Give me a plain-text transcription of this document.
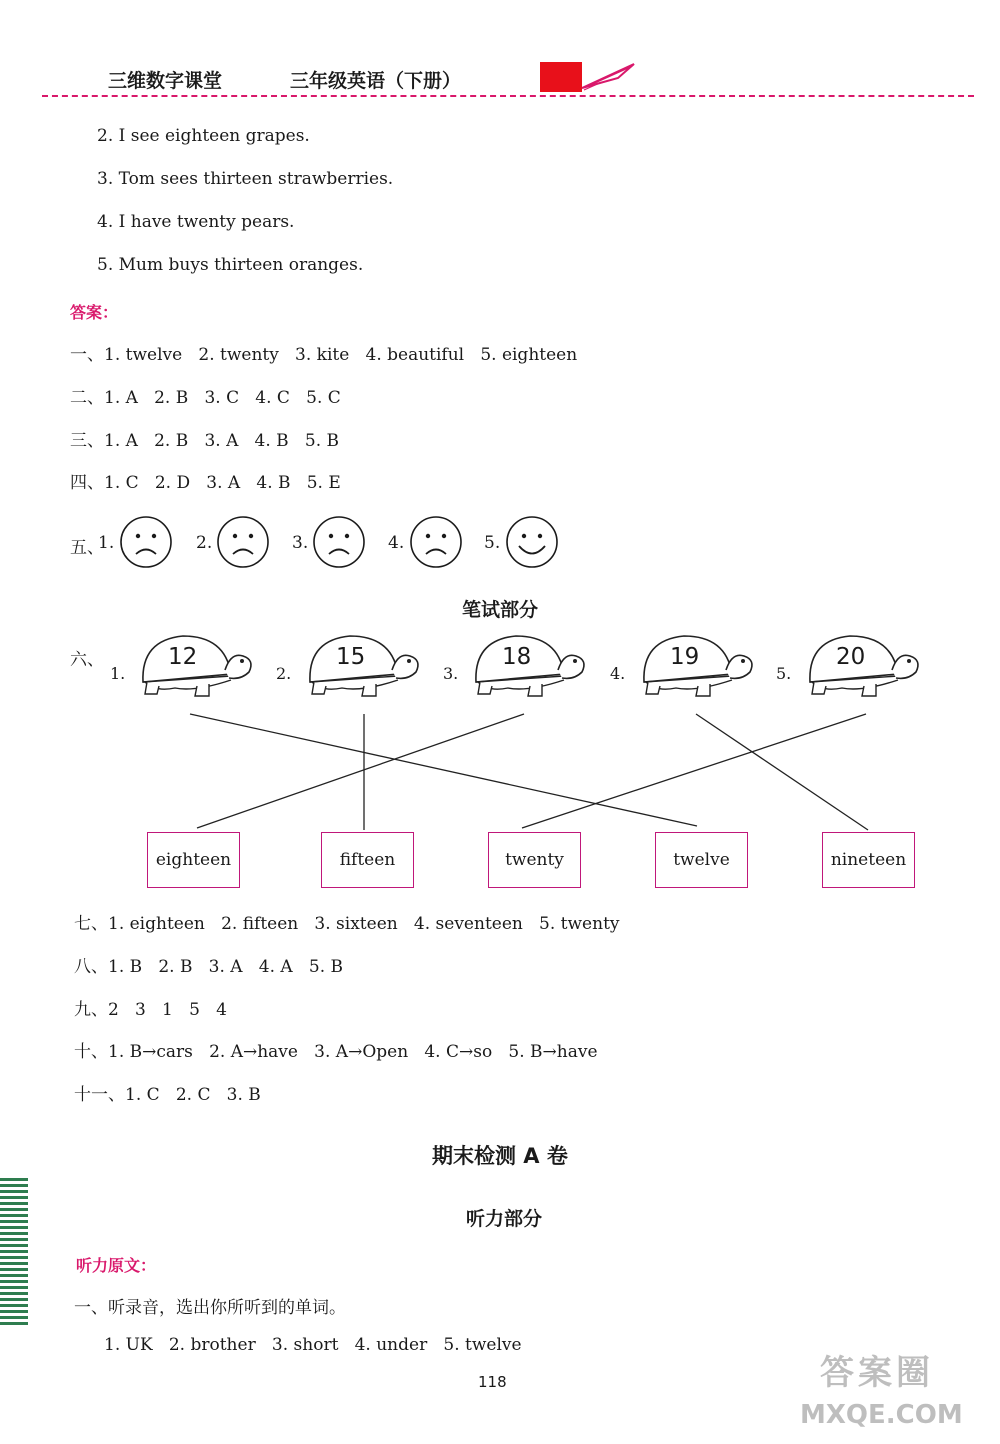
三维数字课堂	三年级英语（下册）
2. I see eighteen grapes.
3. Tom sees thirteen strawberries.
4. I have twenty pears.
5. Mum buys thirteen oranges.
答案：
一、1. twelve   2. twenty   3. kite   4. beautiful   5. eighteen
二、1. A   2. B   3. C   4. C   5. C
三、1. A   2. B   3. A   4. B   5. B
四、1. C   2. D   3. A   4. B   5. E
五、
1.	2.	3.	4.	5.
笔试部分
六、
1.
12
2.
15
3.
18
4.
19
5.
20
eighteen	fifteen	twenty	twelve	nineteen
七、1. eighteen   2. fifteen   3. sixteen   4. seventeen   5. twenty
八、1. B   2. B   3. A   4. A   5. B
九、2   3   1   5   4
十、1. B→cars   2. A→have   3. A→Open   4. C→so   5. B→have
十一、1. C   2. C   3. B
期末检测 A 卷
听力部分
听力原文：
一、听录音，选出你所听到的单词。
1. UK   2. brother   3. short   4. under   5. twelve
118	答案圈
MXQE.COM
